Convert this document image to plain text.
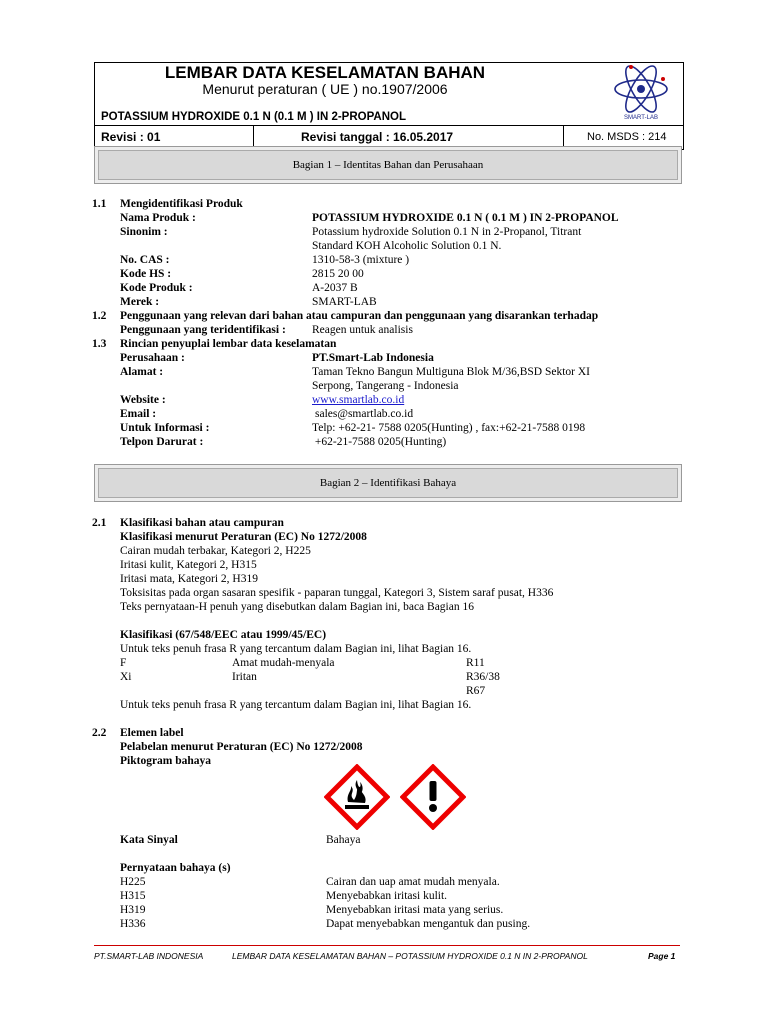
LEMBAR DATA KESELAMATAN BAHAN
Menurut peraturan ( UE ) no.1907/2006
POTASSIUM HYDROXIDE 0.1 N (0.1 M ) IN 2-PROPANOL	SMART-LAB
Revisi : 01	Revisi tanggal : 16.05.2017	No. MSDS : 214
Bagian 1 – Identitas Bahan dan Perusahaan
1.1 Mengidentifikasi Produk
Nama Produk :	POTASSIUM HYDROXIDE 0.1 N ( 0.1 M ) IN 2-PROPANOL
Sinonim :	Potassium hydroxide Solution 0.1 N in 2-Propanol, Titrant
Standard KOH Alcoholic Solution 0.1 N.
No. CAS :	1310-58-3 (mixture )
Kode HS :	2815 20 00
Kode Produk :	A-2037 B
Merek :	SMART-LAB
1.2 Penggunaan yang relevan dari bahan atau campuran dan penggunaan yang disarankan terhadap
Penggunaan yang teridentifikasi : Reagen untuk analisis
1.3 Rincian penyuplai lembar data keselamatan
Perusahaan :	PT.Smart-Lab Indonesia
Alamat :	Taman Tekno Bangun Multiguna Blok M/36,BSD Sektor XI
Serpong, Tangerang - Indonesia
Website :	www.smartlab.co.id
Email :	sales@smartlab.co.id
Untuk Informasi :	Telp: +62-21- 7588 0205(Hunting) , fax:+62-21-7588 0198
Telpon Darurat :	+62-21-7588 0205(Hunting)
Bagian 2 – Identifikasi Bahaya
2.1 Klasifikasi bahan atau campuran
Klasifikasi menurut Peraturan (EC) No 1272/2008
Cairan mudah terbakar, Kategori 2, H225
Iritasi kulit, Kategori 2, H315
Iritasi mata, Kategori 2, H319
Toksisitas pada organ sasaran spesifik - paparan tunggal, Kategori 3, Sistem saraf pusat, H336
Teks pernyataan-H penuh yang disebutkan dalam Bagian ini, baca Bagian 16
Klasifikasi (67/548/EEC atau 1999/45/EC)
Untuk teks penuh frasa R yang tercantum dalam Bagian ini, lihat Bagian 16.
F	Amat mudah-menyala	R11
Xi	Iritan	R36/38
R67
Untuk teks penuh frasa R yang tercantum dalam Bagian ini, lihat Bagian 16.
2.2 Elemen label
Pelabelan menurut Peraturan (EC) No 1272/2008
Piktogram bahaya
Kata Sinyal	Bahaya
Pernyataan bahaya (s)
H225	Cairan dan uap amat mudah menyala.
H315	Menyebabkan iritasi kulit.
H319	Menyebabkan iritasi mata yang serius.
H336	Dapat menyebabkan mengantuk dan pusing.
PT.SMART-LAB INDONESIA	LEMBAR DATA KESELAMATAN BAHAN – POTASSIUM HYDROXIDE 0.1 N IN 2-PROPANOL	Page 1
